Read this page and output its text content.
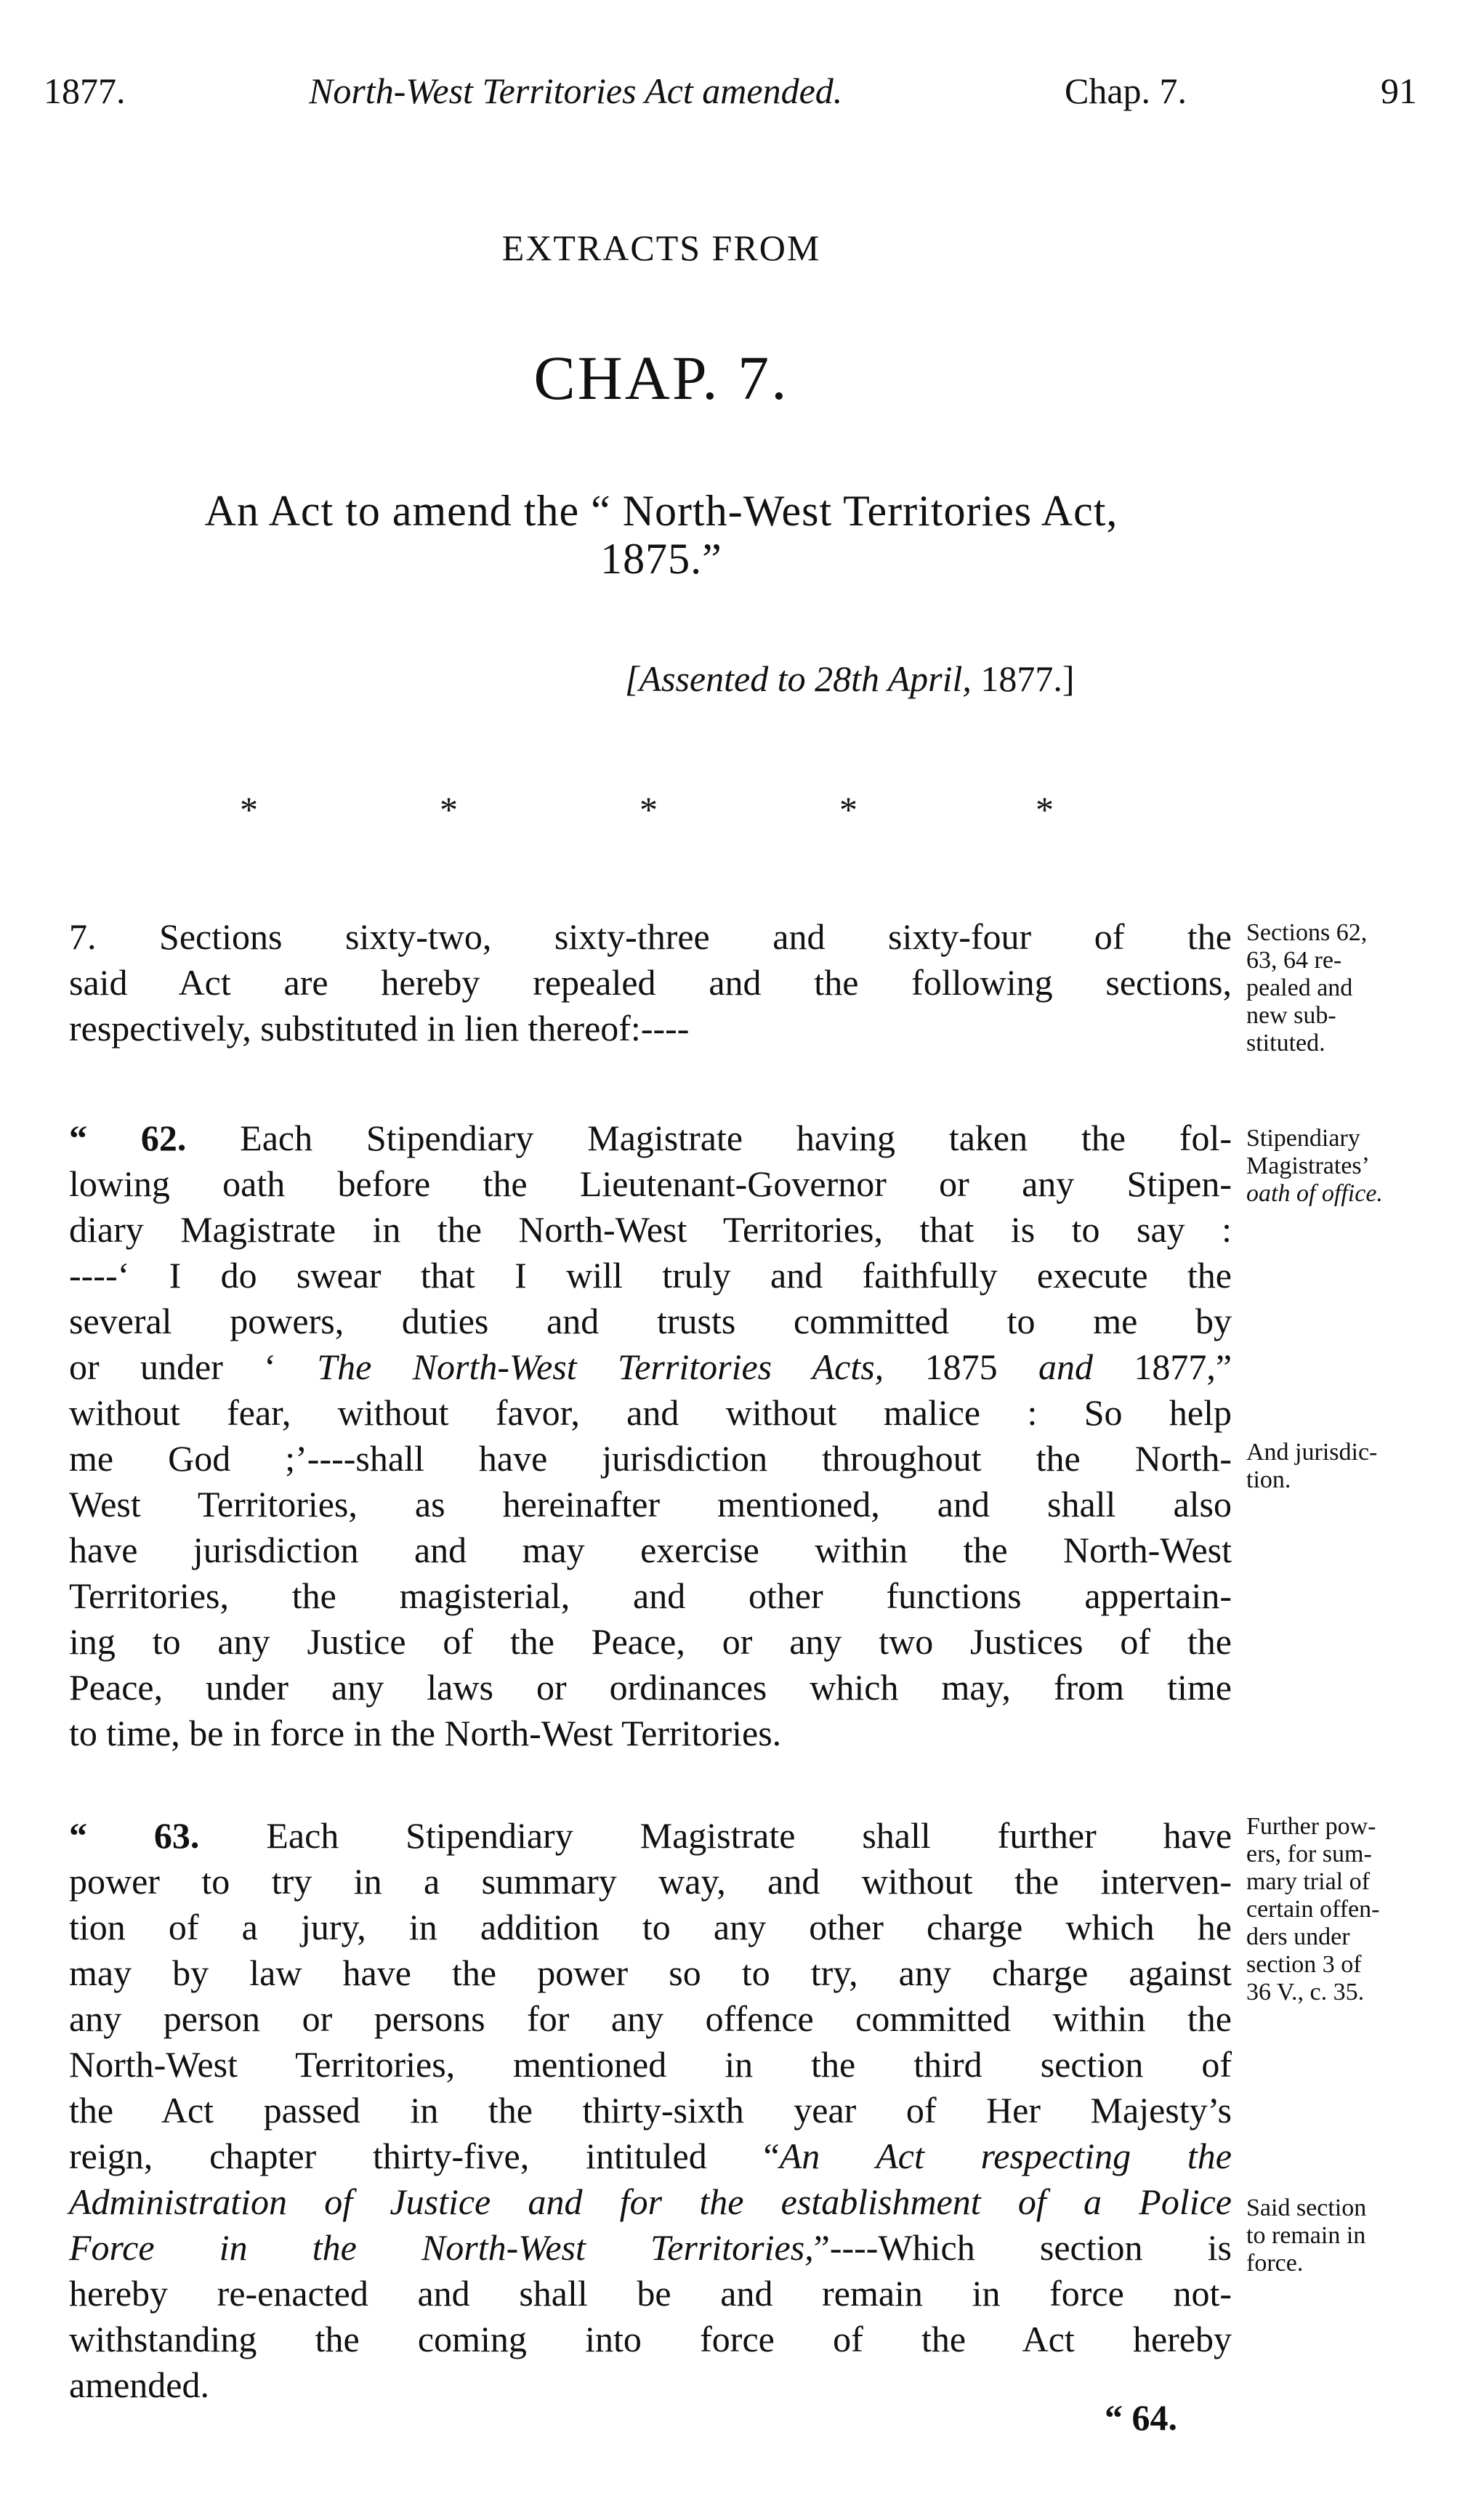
1877.	North-West Territories Act amended.	Chap. 7.	91
EXTRACTS FROM
CHAP. 7.
An Act to amend the “ North-West Territories Act,
1875.”
[Assented to 28th April, 1877.]
*	*	*	*	*
7. Sections sixty-two, sixty-three and sixty-four of the
said Act are hereby repealed and the following sections,
respectively, substituted in lien thereof:----
“ 62. Each Stipendiary Magistrate having taken the fol-
lowing oath before the Lieutenant-Governor or any Stipen-
diary Magistrate in the North-West Territories, that is to say :
----‘ I do swear that I will truly and faithfully execute the
several powers, duties and trusts committed to me by
or under ‘ The North-West Territories Acts, 1875 and 1877,”
without fear, without favor, and without malice : So help
me God ;’----shall have jurisdiction throughout the North-
West Territories, as hereinafter mentioned, and shall also
have jurisdiction and may exercise within the North-West
Territories, the magisterial, and other functions appertain-
ing to any Justice of the Peace, or any two Justices of the
Peace, under any laws or ordinances which may, from time
to time, be in force in the North-West Territories.
“ 63. Each Stipendiary Magistrate shall further have
power to try in a summary way, and without the interven-
tion of a jury, in addition to any other charge which he
may by law have the power so to try, any charge against
any person or persons for any offence committed within the
North-West Territories, mentioned in the third section of
the Act passed in the thirty-sixth year of Her Majesty’s
reign, chapter thirty-five, intituled “An Act respecting the
Administration of Justice and for the establishment of a Police
Force in the North-West Territories,”----Which section is
hereby re-enacted and shall be and remain in force not-
withstanding the coming into force of the Act hereby
amended.
Sections 62,
63, 64 re-
pealed and
new sub-
stituted.
Stipendiary
Magistrates’
oath of office.
And jurisdic-
tion.
Further pow-
ers, for sum-
mary trial of
certain offen-
ders under
section 3 of
36 V., c. 35.
Said section
to remain in
force.
“ 64.
